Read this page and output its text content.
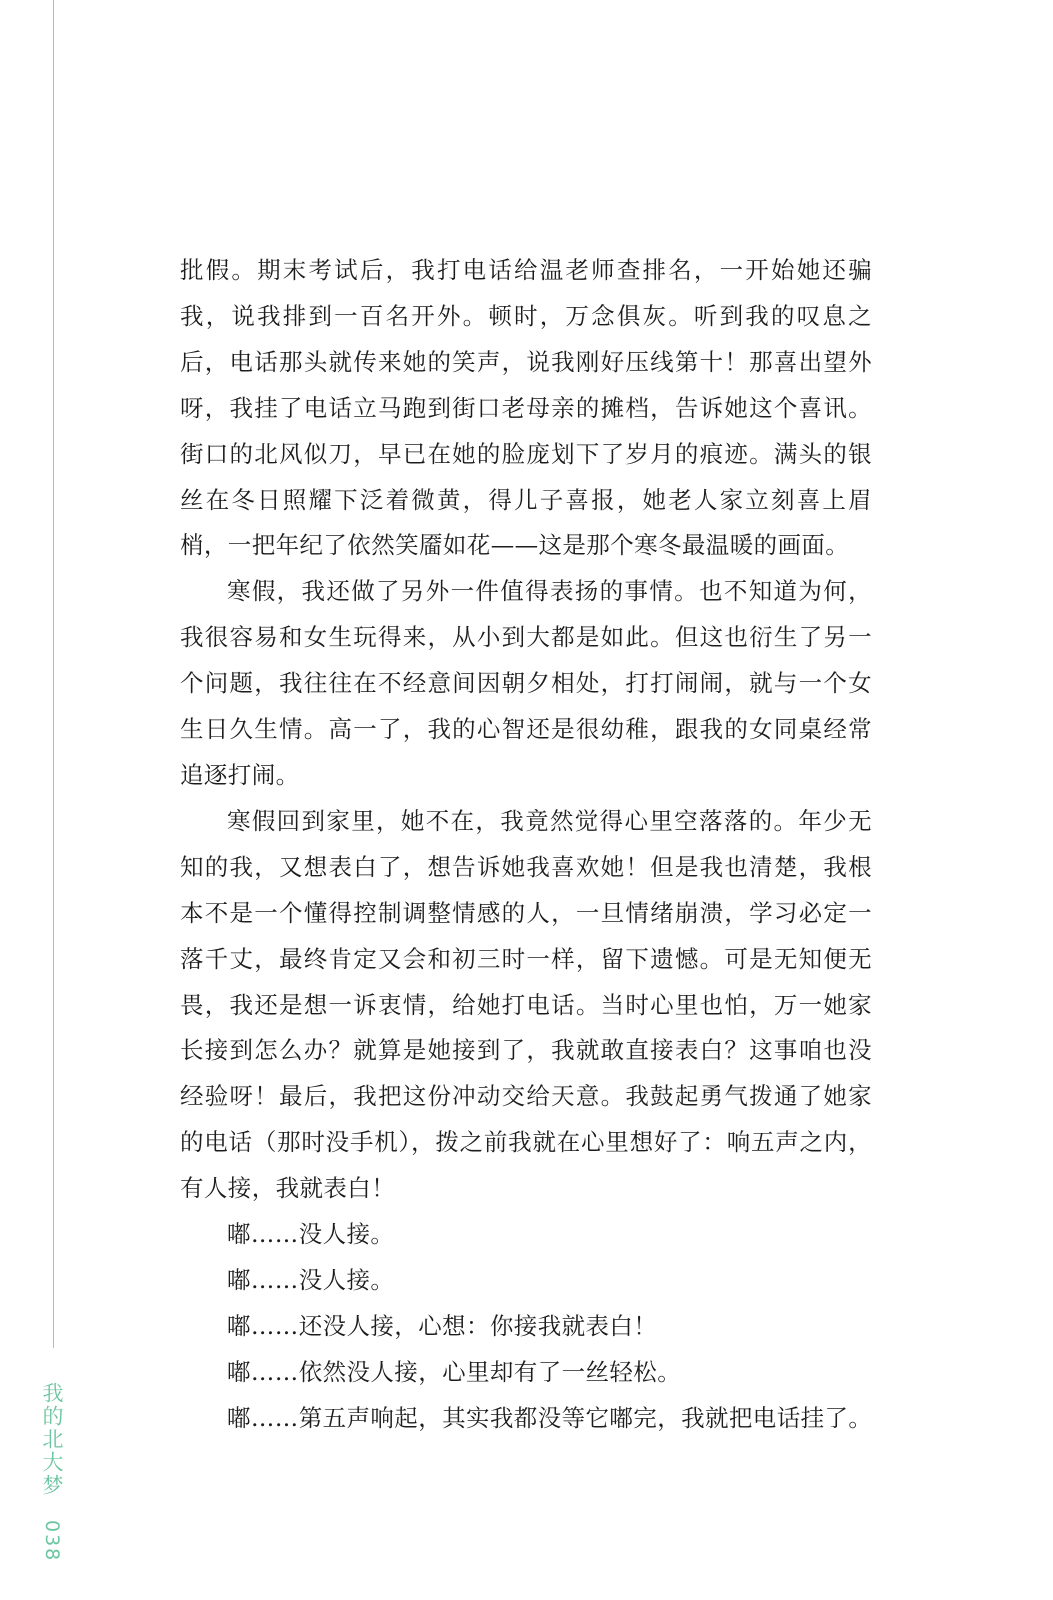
我的北大梦 038

批假。期末考试后，我打电话给温老师查排名，一开始她还骗我，说我排到一百名开外。顿时，万念俱灰。听到我的叹息之后，电话那头就传来她的笑声，说我刚好压线第十！那喜出望外呀，我挂了电话立马跑到街口老母亲的摊档，告诉她这个喜讯。街口的北风似刀，早已在她的脸庞划下了岁月的痕迹。满头的银丝在冬日照耀下泛着微黄，得儿子喜报，她老人家立刻喜上眉梢，一把年纪了依然笑靥如花——这是那个寒冬最温暖的画面。

寒假，我还做了另外一件值得表扬的事情。也不知道为何，我很容易和女生玩得来，从小到大都是如此。但这也衍生了另一个问题，我往往在不经意间因朝夕相处，打打闹闹，就与一个女生日久生情。高一了，我的心智还是很幼稚，跟我的女同桌经常追逐打闹。

寒假回到家里，她不在，我竟然觉得心里空落落的。年少无知的我，又想表白了，想告诉她我喜欢她！但是我也清楚，我根本不是一个懂得控制调整情感的人，一旦情绪崩溃，学习必定一落千丈，最终肯定又会和初三时一样，留下遗憾。可是无知便无畏，我还是想一诉衷情，给她打电话。当时心里也怕，万一她家长接到怎么办？就算是她接到了，我就敢直接表白？这事咱也没经验呀！最后，我把这份冲动交给天意。我鼓起勇气拨通了她家的电话（那时没手机），拨之前我就在心里想好了：响五声之内，有人接，我就表白！

嘟……没人接。

嘟……没人接。

嘟……还没人接，心想：你接我就表白！

嘟……依然没人接，心里却有了一丝轻松。

嘟……第五声响起，其实我都没等它嘟完，我就把电话挂了。
